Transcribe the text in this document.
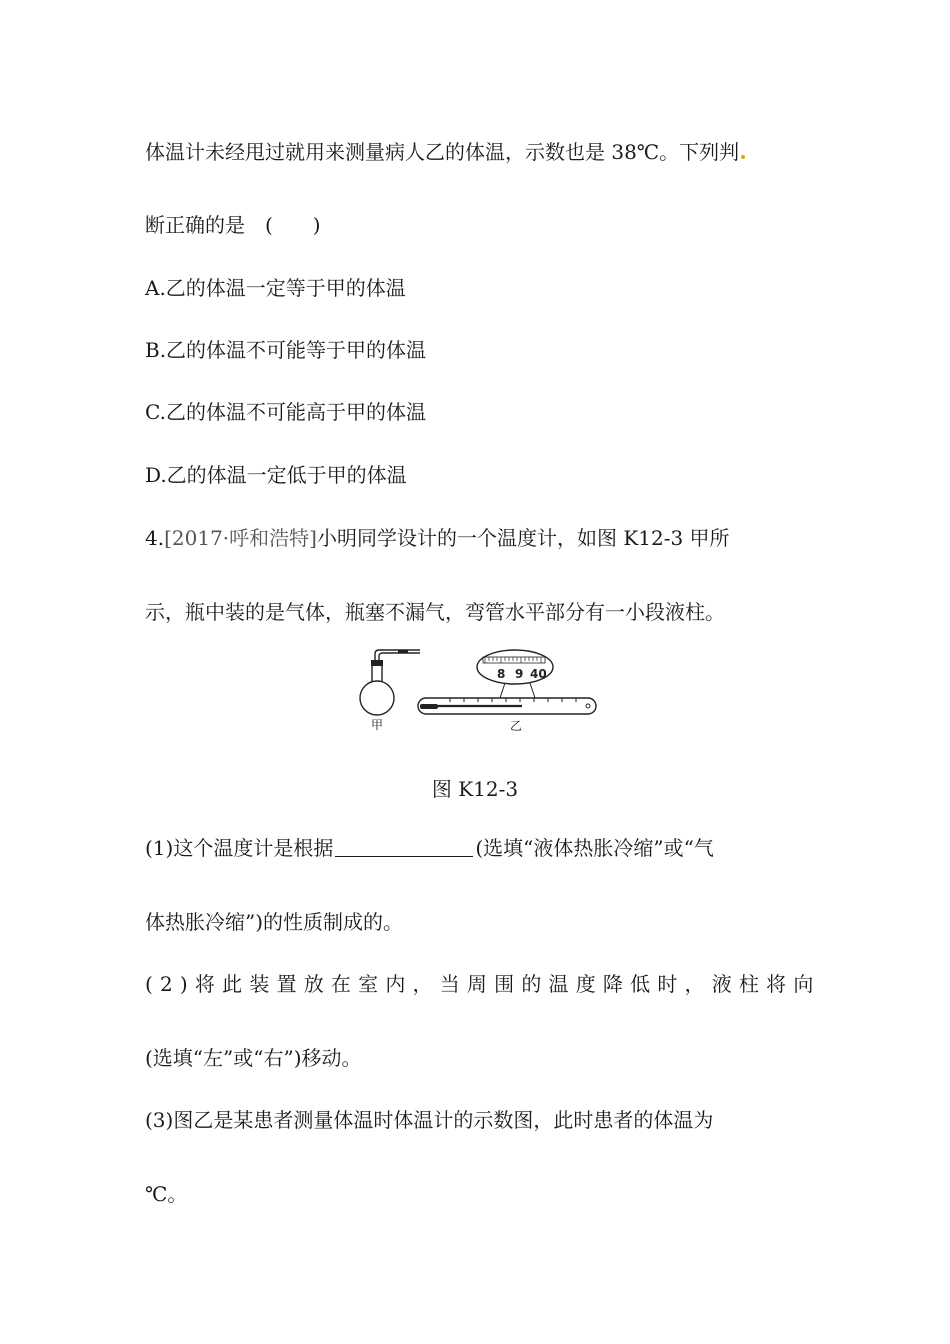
体温计未经甩过就用来测量病人乙的体温，示数也是 38℃。下列判
断正确的是　(　　)
A.乙的体温一定等于甲的体温
B.乙的体温不可能等于甲的体温
C.乙的体温不可能高于甲的体温
D.乙的体温一定低于甲的体温
4.[2017·呼和浩特]小明同学设计的一个温度计，如图 K12-3 甲所
示，瓶中装的是气体，瓶塞不漏气，弯管水平部分有一小段液柱。
甲
8 9 40
乙
图 K12-3
(1)这个温度计是根据	(选填“液体热胀冷缩”或“气
体热胀冷缩”)的性质制成的。
(2)将此装置放在室内，当周围的温度降低时，液柱将向
(选填“左”或“右”)移动。
(3)图乙是某患者测量体温时体温计的示数图，此时患者的体温为
℃。
